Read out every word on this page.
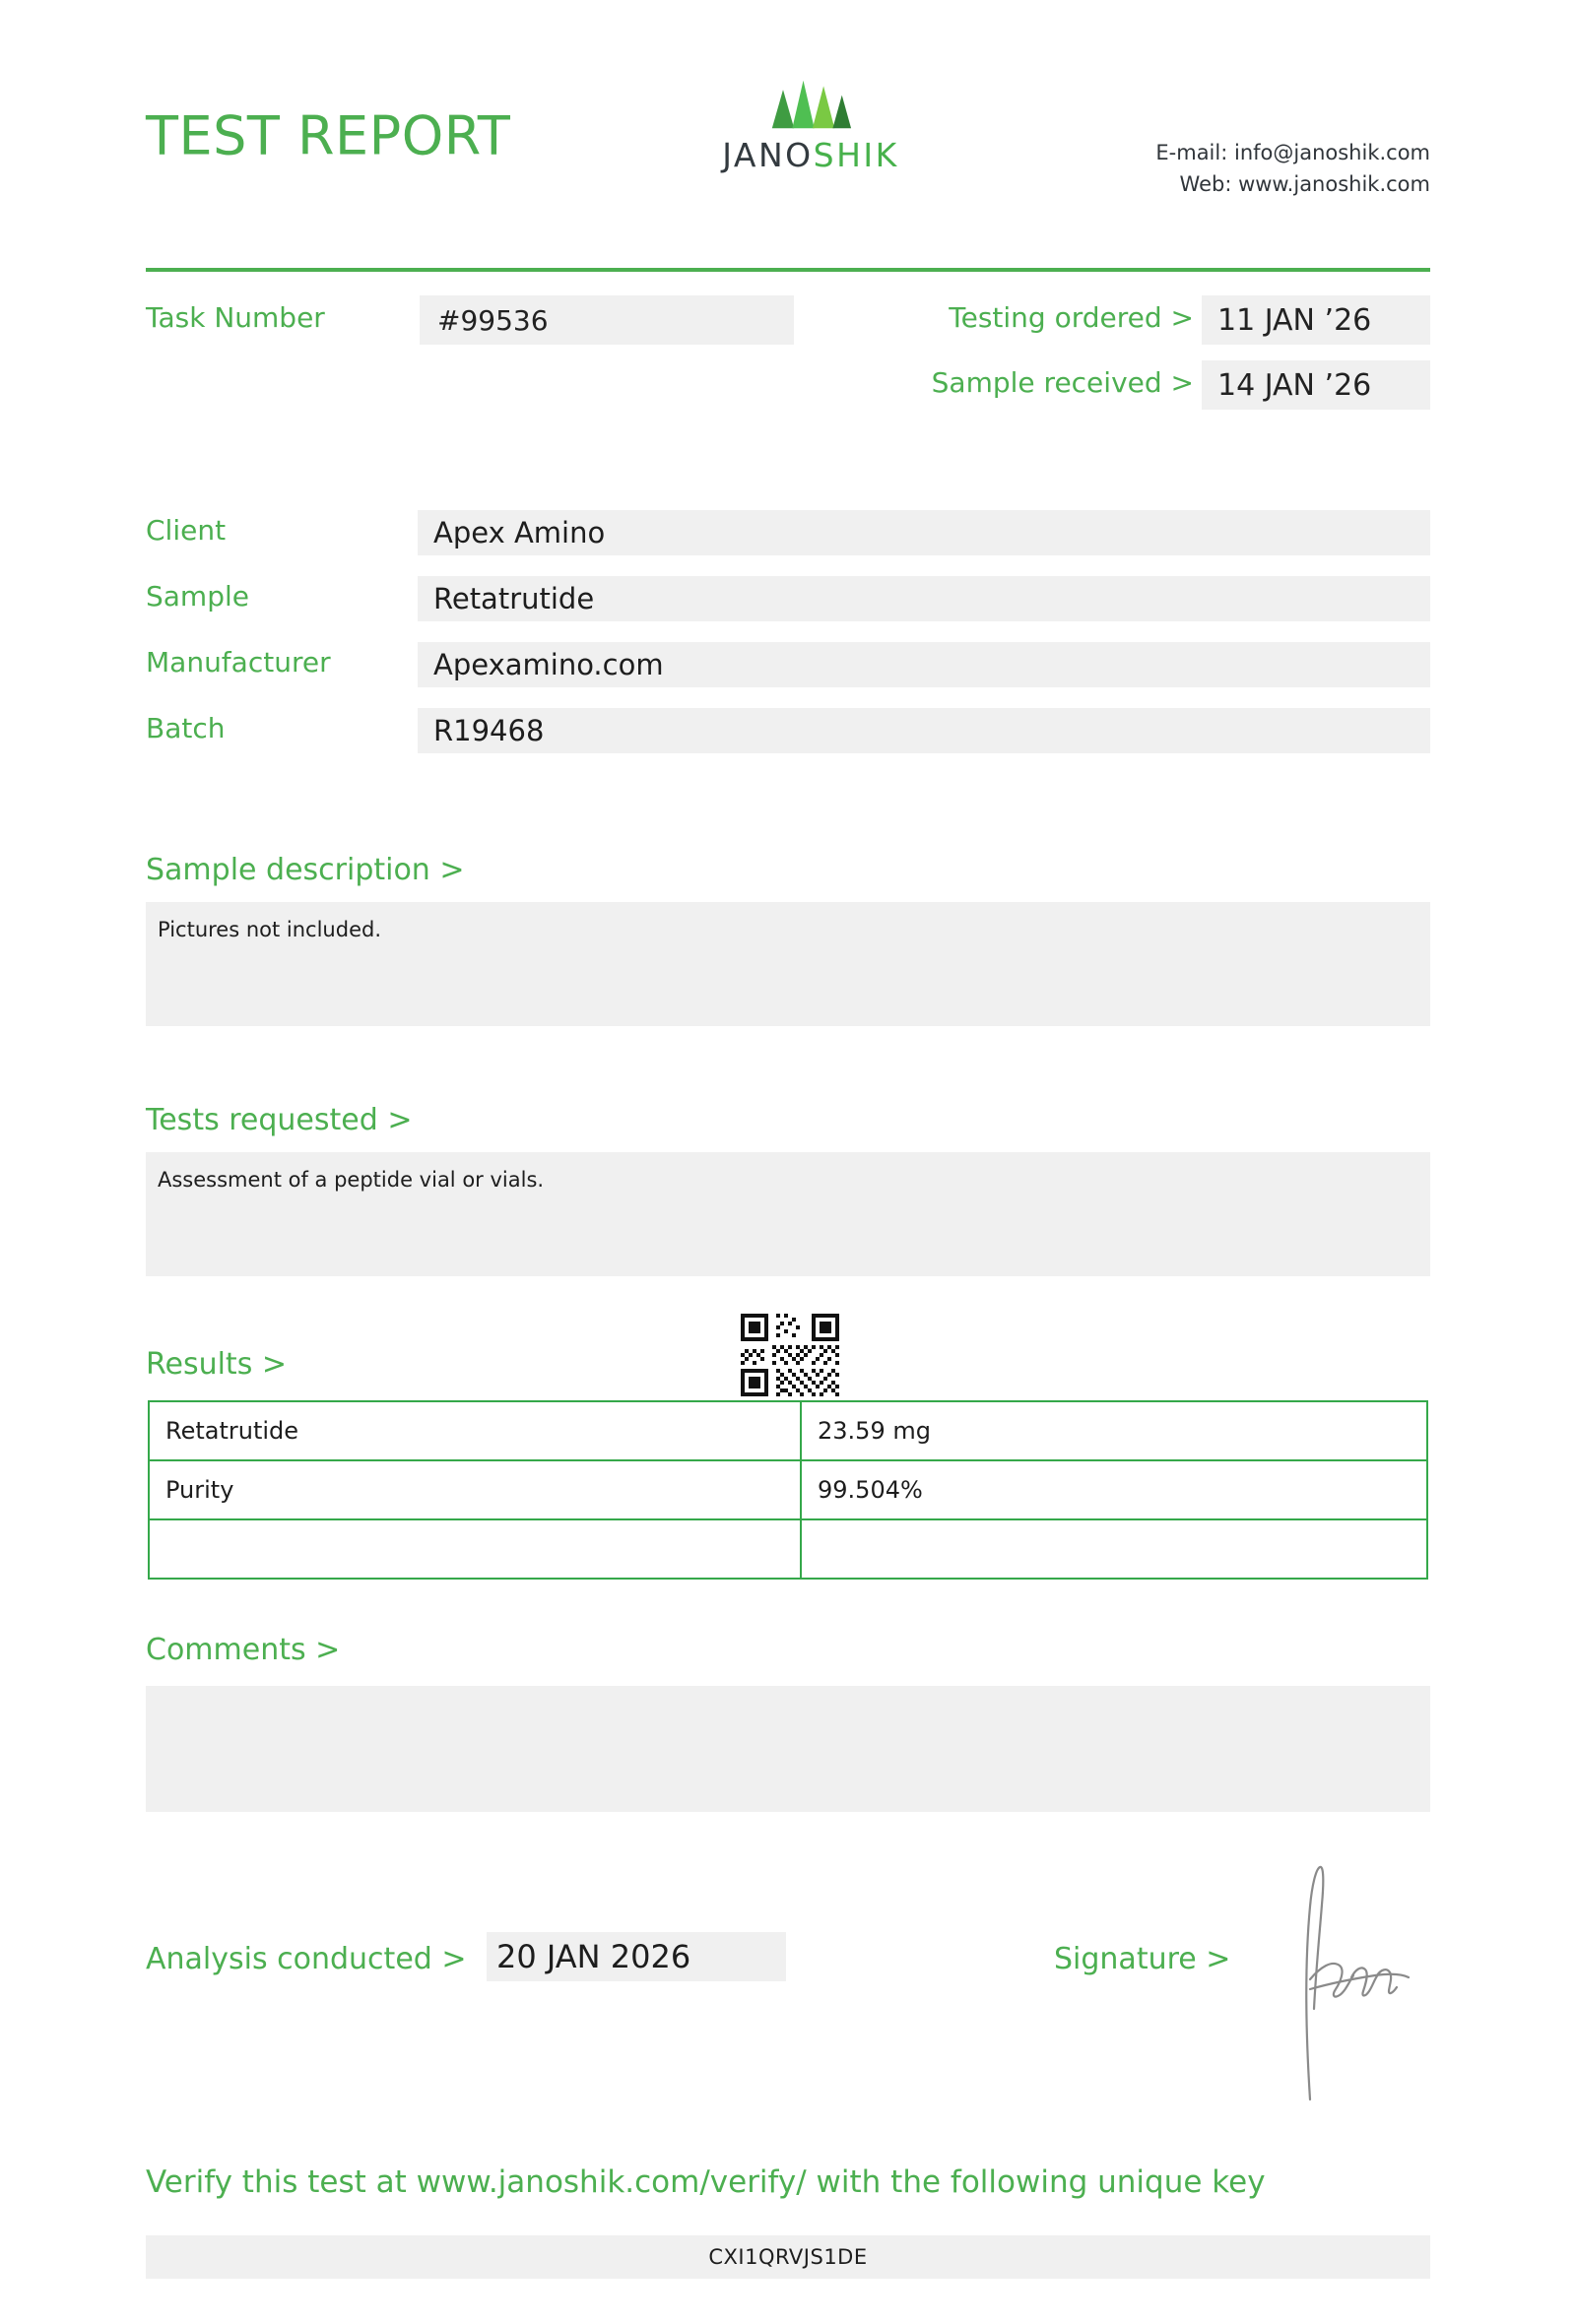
TEST REPORT	JANOSHIK	E-mail: info@janoshik.com
Web: www.janoshik.com
Task Number	#99536	Testing ordered > 11 JAN ’26
Sample received > 14 JAN ’26
Client	Apex Amino
Sample	Retatrutide
Manufacturer	Apexamino.com
Batch	R19468
Sample description >
Pictures not included.
Tests requested >
Assessment of a peptide vial or vials.
Results >
Retatrutide	23.59 mg
Purity	99.504%

Comments >
Analysis conducted > 20 JAN 2026	Signature >
Verify this test at www.janoshik.com/verify/ with the following unique key
CXI1QRVJS1DE
